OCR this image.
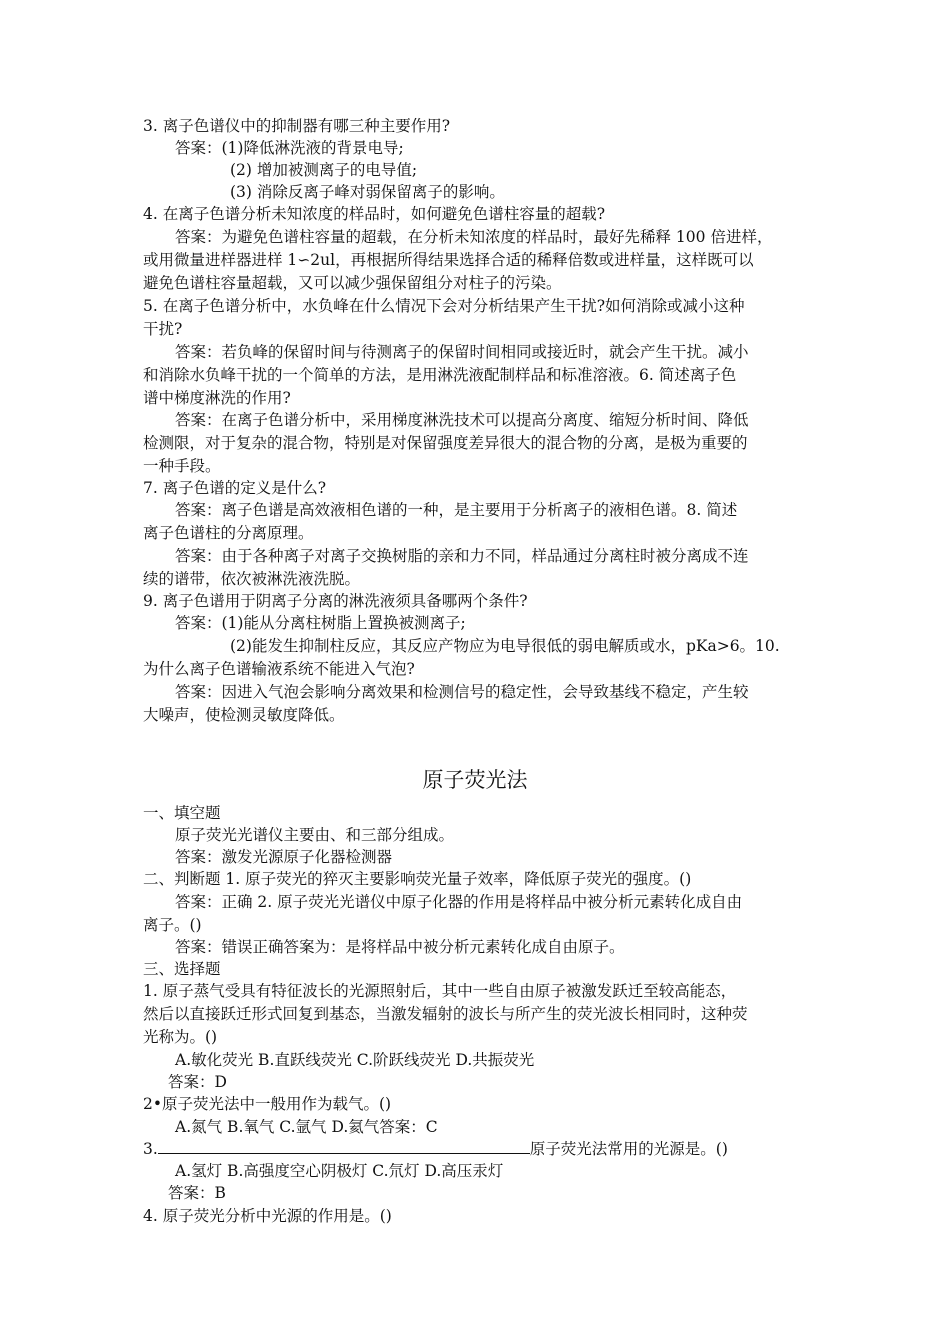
3. 离子色谱仪中的抑制器有哪三种主要作用?
答案：(1)降低淋洗液的背景电导;
(2) 增加被测离子的电导值;
(3) 消除反离子峰对弱保留离子的影响。
4. 在离子色谱分析未知浓度的样品时，如何避免色谱柱容量的超载?
答案：为避免色谱柱容量的超载，在分析未知浓度的样品时，最好先稀释 100 倍进样，
或用微量进样器进样 1∽2ul，再根据所得结果选择合适的稀释倍数或进样量，这样既可以
避免色谱柱容量超载，又可以减少强保留组分对柱子的污染。
5. 在离子色谱分析中，水负峰在什么情况下会对分析结果产生干扰?如何消除或减小这种
干扰?
答案：若负峰的保留时间与待测离子的保留时间相同或接近时，就会产生干扰。减小
和消除水负峰干扰的一个简单的方法，是用淋洗液配制样品和标准溶液。6. 简述离子色
谱中梯度淋洗的作用?
答案：在离子色谱分析中，采用梯度淋洗技术可以提高分离度、缩短分析时间、降低
检测限，对于复杂的混合物，特别是对保留强度差异很大的混合物的分离，是极为重要的
一种手段。
7. 离子色谱的定义是什么?
答案：离子色谱是高效液相色谱的一种，是主要用于分析离子的液相色谱。8. 简述
离子色谱柱的分离原理。
答案：由于各种离子对离子交换树脂的亲和力不同，样品通过分离柱时被分离成不连
续的谱带，依次被淋洗液洗脱。
9. 离子色谱用于阴离子分离的淋洗液须具备哪两个条件?
答案：(1)能从分离柱树脂上置换被测离子;
(2)能发生抑制柱反应，其反应产物应为电导很低的弱电解质或水，pKa>6。10.
为什么离子色谱输液系统不能进入气泡?
答案：因进入气泡会影响分离效果和检测信号的稳定性，会导致基线不稳定，产生较
大噪声，使检测灵敏度降低。
原子荧光法
一、填空题
原子荧光光谱仪主要由、和三部分组成。
答案：激发光源原子化器检测器
二、判断题 1. 原子荧光的猝灭主要影响荧光量子效率，降低原子荧光的强度。()
答案：正确 2. 原子荧光光谱仪中原子化器的作用是将样品中被分析元素转化成自由
离子。()
答案：错误正确答案为：是将样品中被分析元素转化成自由原子。
三、选择题
1. 原子蒸气受具有特征波长的光源照射后，其中一些自由原子被激发跃迁至较高能态，
然后以直接跃迁形式回复到基态，当激发辐射的波长与所产生的荧光波长相同时，这种荧
光称为。()
A.敏化荧光 B.直跃线荧光 C.阶跃线荧光 D.共振荧光
答案：D
2•原子荧光法中一般用作为载气。()
A.氮气 B.氧气 C.氩气 D.氦气答案：C
3.	原子荧光法常用的光源是。()
A.氢灯 B.高强度空心阴极灯 C.氘灯 D.高压汞灯
答案：B
4. 原子荧光分析中光源的作用是。()
